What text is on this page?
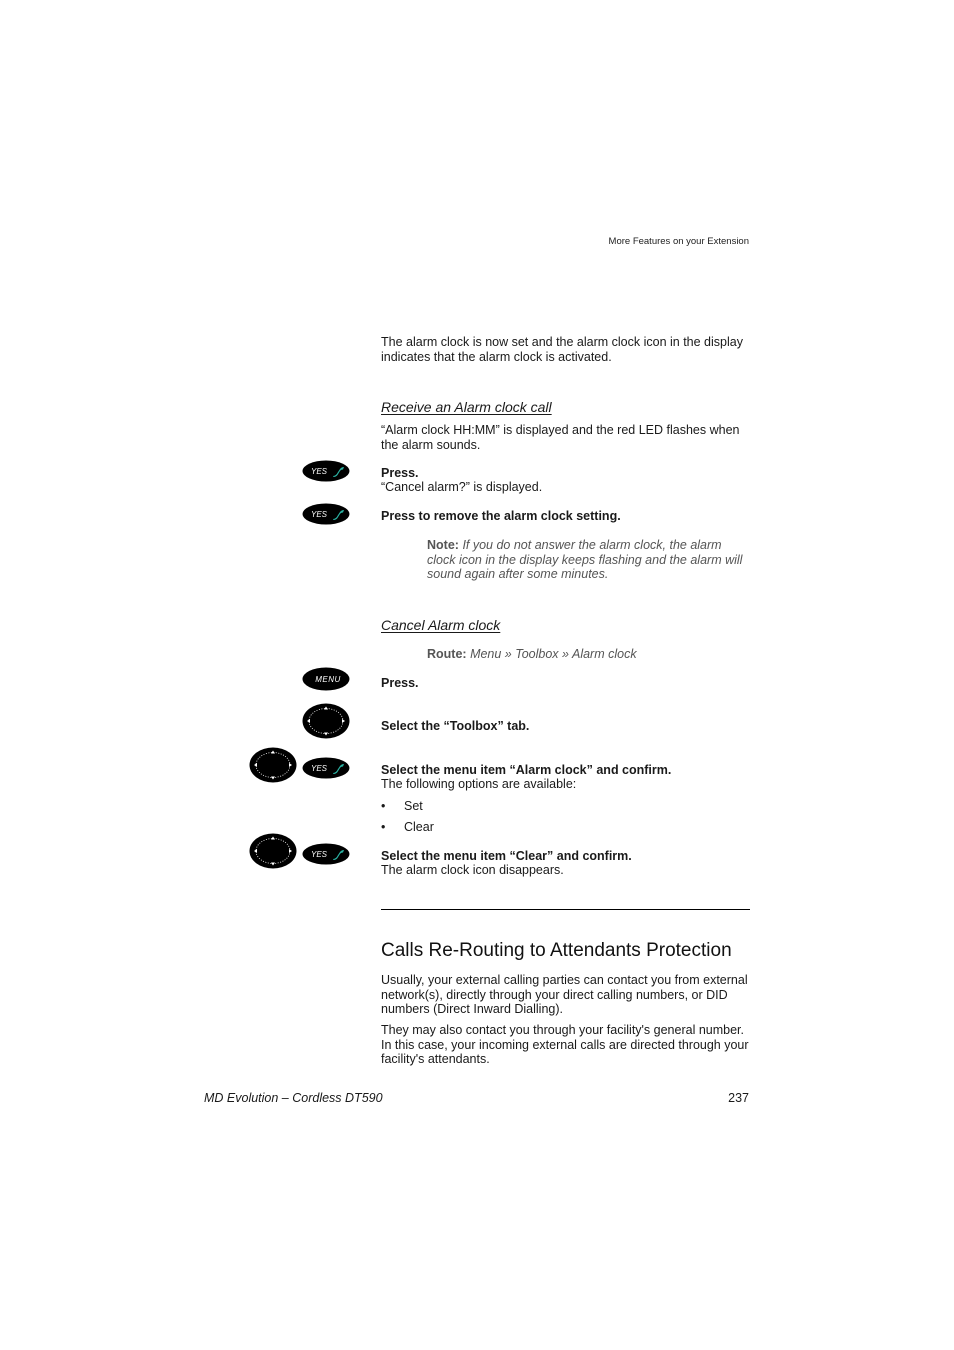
More Features on your Extension
The alarm clock is now set and the alarm clock icon in the display indicates that the alarm clock is activated.
Receive an Alarm clock call
“Alarm clock HH:MM” is displayed and the red LED flashes when the alarm sounds.
YES	Press.
“Cancel alarm?” is displayed.
YES	Press to remove the alarm clock setting.
Note: If you do not answer the alarm clock, the alarm clock icon in the display keeps flashing and the alarm will sound again after some minutes.
Cancel Alarm clock
Route: Menu » Toolbox » Alarm clock
MENU	Press.
Select the “Toolbox” tab.
YES	Select the menu item “Alarm clock” and confirm.
The following options are available:
• Set
• Clear
YES	Select the menu item “Clear” and confirm.
The alarm clock icon disappears.
Calls Re-Routing to Attendants Protection
Usually, your external calling parties can contact you from external network(s), directly through your direct calling numbers, or DID numbers (Direct Inward Dialling).
They may also contact you through your facility's general number. In this case, your incoming external calls are directed through your facility's attendants.
MD Evolution – Cordless DT590	237
